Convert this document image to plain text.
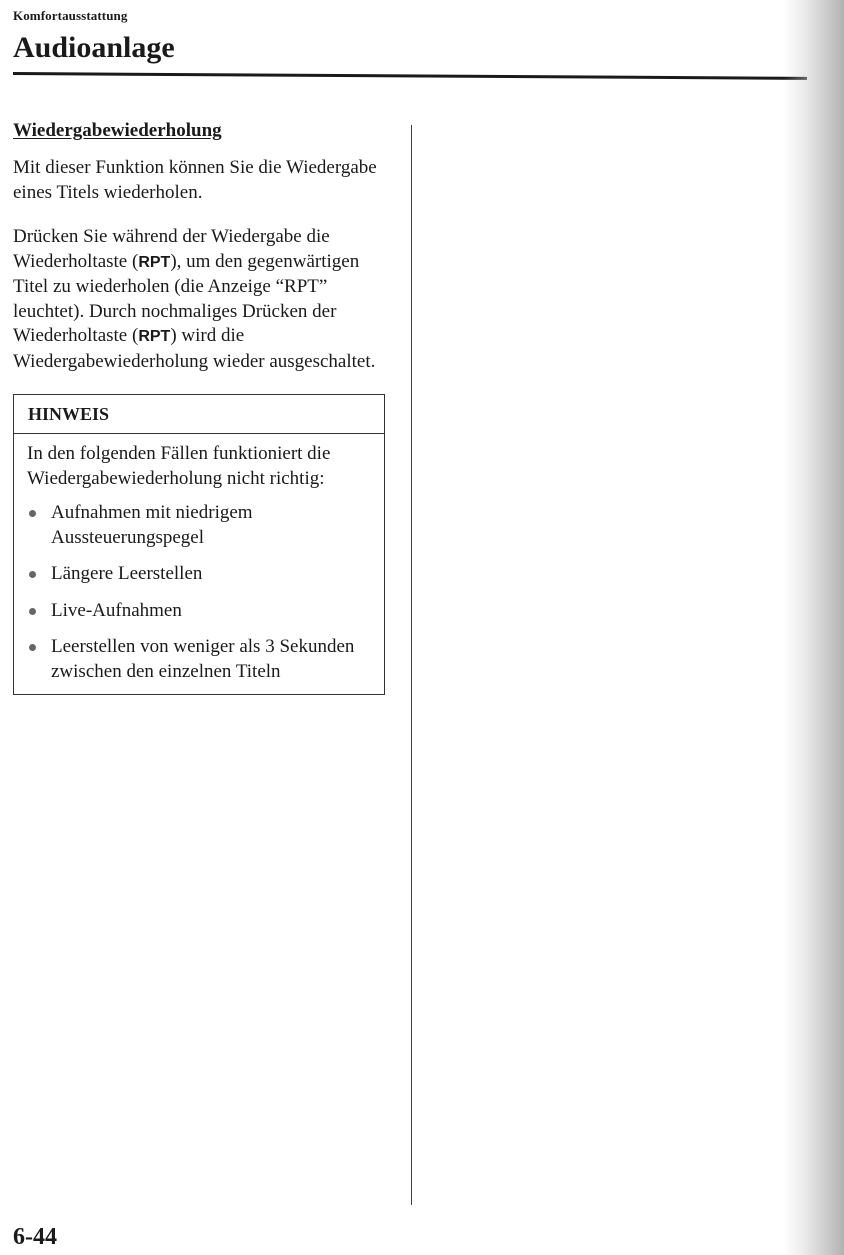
Komfortausstattung
Audioanlage
Wiedergabewiederholung

Mit dieser Funktion können Sie die Wiedergabe eines Titels wiederholen.

Drücken Sie während der Wiedergabe die Wiederholtaste (RPT), um den gegenwärtigen Titel zu wiederholen (die Anzeige “RPT” leuchtet). Durch nochmaliges Drücken der Wiederholtaste (RPT) wird die Wiedergabewiederholung wieder ausgeschaltet.

HINWEIS

In den folgenden Fällen funktioniert die Wiedergabewiederholung nicht richtig:

Aufnahmen mit niedrigem Aussteuerungspegel
Längere Leerstellen
Live-Aufnahmen
Leerstellen von weniger als 3 Sekunden zwischen den einzelnen Titeln
6-44
